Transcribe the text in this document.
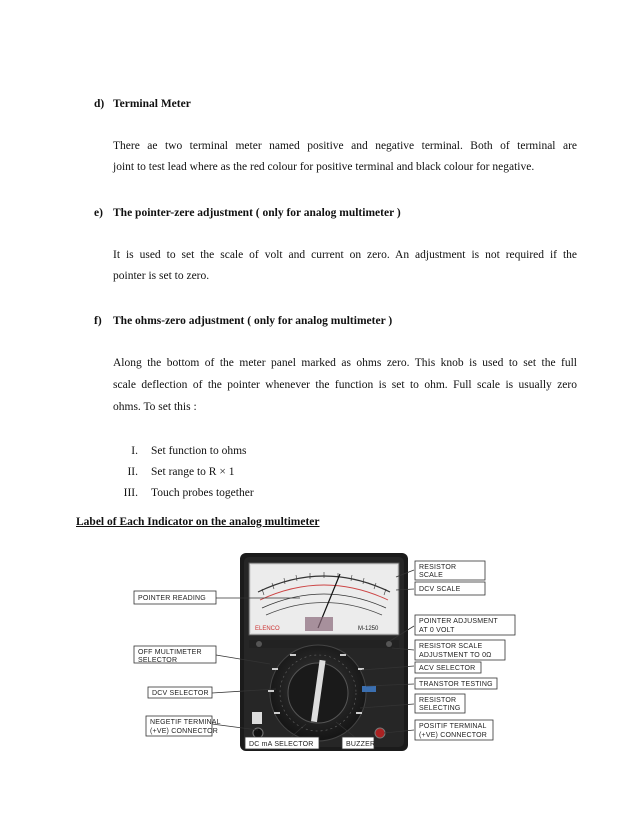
d) Terminal Meter
There ae two terminal meter named positive and negative terminal. Both of terminal are
joint to test lead where as the red colour for positive terminal and black colour for negative.
e) The pointer-zere adjustment ( only for analog multimeter )
It is used to set the scale of volt and current on zero. An adjustment is not required if the
pointer is set to zero.
f) The ohms-zero adjustment ( only for analog multimeter )
Along the bottom of the meter panel marked as ohms zero. This knob is used to set the full
scale deflection of the pointer whenever the function is set to ohm. Full scale is usually zero
ohms. To set this :
I. Set function to ohms
II. Set range to R × 1
III. Touch probes together
Label of Each Indicator on the analog multimeter
ELENCO	M-1250
RESISTOR
SCALE
DCV SCALE
POINTER READING
POINTER ADJUSMENT
AT 0 VOLT
RESISTOR SCALE
ADJUSTMENT TO 0Ω
OFF MULTIMETER
SELECTOR
ACV SELECTOR
TRANSTOR TESTING
DCV SELECTOR
RESISTOR
SELECTING
NEGETIF TERMINAL
(+VE) CONNECTOR
POSITIF TERMINAL
(+VE) CONNECTOR
DC mA SELECTOR	BUZZER
